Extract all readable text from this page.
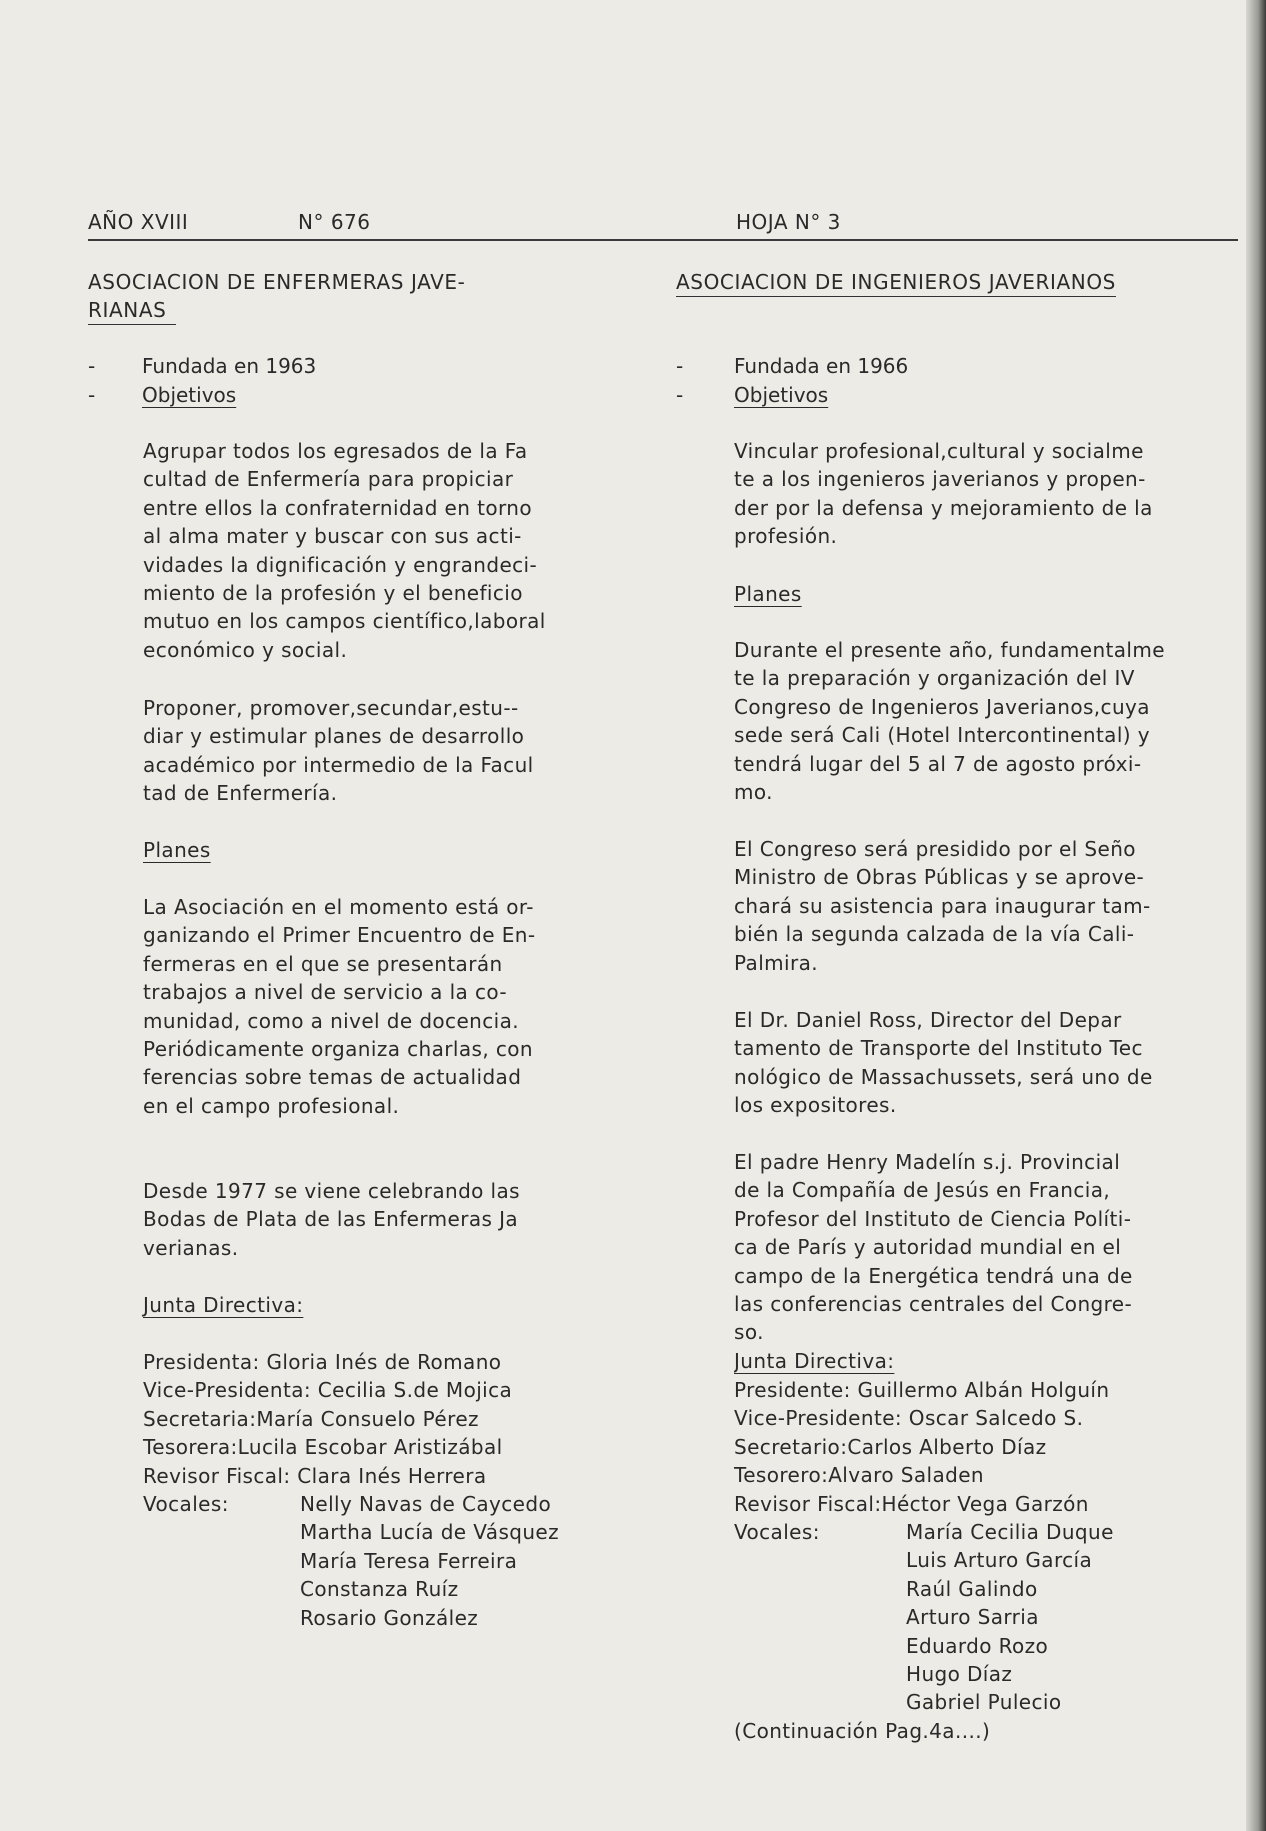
AÑO XVIII	N° 676	HOJA N° 3
ASOCIACION DE ENFERMERAS JAVE-
RIANAS
- Fundada en 1963
- Objetivos
Agrupar todos los egresados de la Fa
cultad de Enfermería para propiciar
entre ellos la confraternidad en torno
al alma mater y buscar con sus acti-
vidades la dignificación y engrandeci-
miento de la profesión y el beneficio
mutuo en los campos científico,laboral
económico y social.
Proponer, promover,secundar,estu--
diar y estimular planes de desarrollo
académico por intermedio de la Facul
tad de Enfermería.
Planes
La Asociación en el momento está or-
ganizando el Primer Encuentro de En-
fermeras en el que se presentarán
trabajos a nivel de servicio a la co-
munidad, como a nivel de docencia.
Periódicamente organiza charlas, con
ferencias sobre temas de actualidad
en el campo profesional.
Desde 1977 se viene celebrando las
Bodas de Plata de las Enfermeras Ja
verianas.
Junta Directiva:
Presidenta: Gloria Inés de Romano
Vice-Presidenta: Cecilia S.de Mojica
Secretaria:María Consuelo Pérez
Tesorera:Lucila Escobar Aristizábal
Revisor Fiscal: Clara Inés Herrera
Vocales:	Nelly Navas de Caycedo
Martha Lucía de Vásquez
María Teresa Ferreira
Constanza Ruíz
Rosario González
ASOCIACION DE INGENIEROS JAVERIANOS
-	Fundada en 1966
-	Objetivos
Vincular profesional,cultural y socialme
te a los ingenieros javerianos y propen-
der por la defensa y mejoramiento de la
profesión.
Planes
Durante el presente año, fundamentalme
te la preparación y organización del IV
Congreso de Ingenieros Javerianos,cuya
sede será Cali (Hotel Intercontinental) y
tendrá lugar del 5 al 7 de agosto próxi-
mo.
El Congreso será presidido por el Seño
Ministro de Obras Públicas y se aprove-
chará su asistencia para inaugurar tam-
bién la segunda calzada de la vía Cali-
Palmira.
El Dr. Daniel Ross, Director del Depar
tamento de Transporte del Instituto Tec
nológico de Massachussets, será uno de
los expositores.
El padre Henry Madelín s.j. Provincial
de la Compañía de Jesús en Francia,
Profesor del Instituto de Ciencia Políti-
ca de París y autoridad mundial en el
campo de la Energética tendrá una de
las conferencias centrales del Congre-
so.
Junta Directiva:
Presidente: Guillermo Albán Holguín
Vice-Presidente: Oscar Salcedo S.
Secretario:Carlos Alberto Díaz
Tesorero:Alvaro Saladen
Revisor Fiscal:Héctor Vega Garzón
Vocales:	María Cecilia Duque
Luis Arturo García
Raúl Galindo
Arturo Sarria
Eduardo Rozo
Hugo Díaz
Gabriel Pulecio
(Continuación Pag.4a....)
